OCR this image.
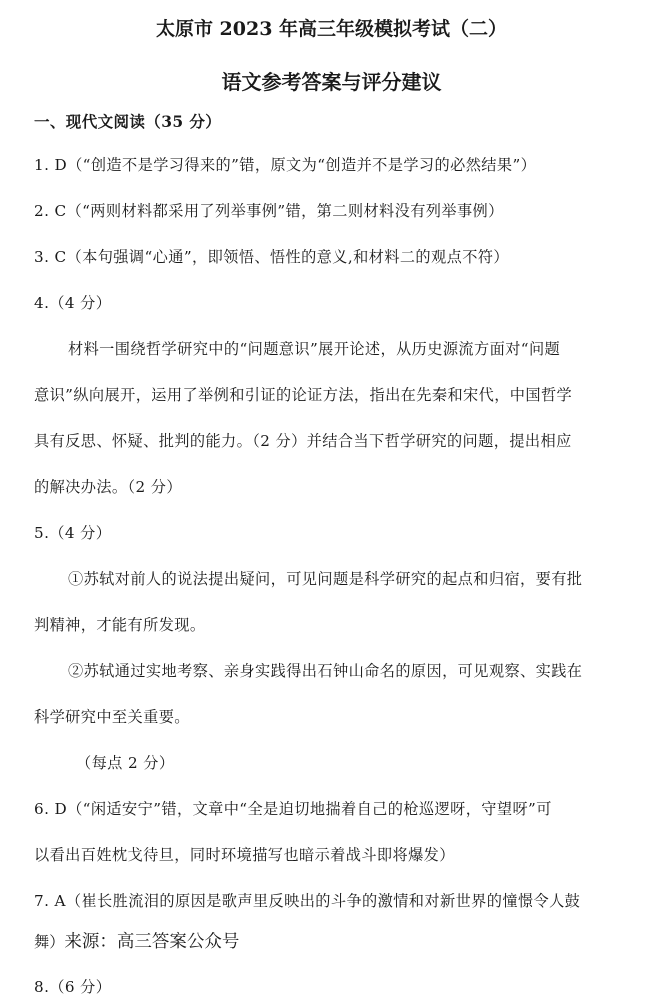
太原市 2023 年高三年级模拟考试（二）
语文参考答案与评分建议
一、现代文阅读（35 分）
1. D（“创造不是学习得来的”错，原文为“创造并不是学习的必然结果”）
2. C（“两则材料都采用了列举事例”错，第二则材料没有列举事例）
3. C（本句强调“心通”，即领悟、悟性的意义,和材料二的观点不符）
4.（4 分）
材料一围绕哲学研究中的“问题意识”展开论述，从历史源流方面对“问题
意识”纵向展开，运用了举例和引证的论证方法，指出在先秦和宋代，中国哲学
具有反思、怀疑、批判的能力。（2 分）并结合当下哲学研究的问题，提出相应
的解决办法。（2 分）
5.（4 分）
①苏轼对前人的说法提出疑问，可见问题是科学研究的起点和归宿，要有批
判精神，才能有所发现。
②苏轼通过实地考察、亲身实践得出石钟山命名的原因，可见观察、实践在
科学研究中至关重要。
（每点 2 分）
6. D（“闲适安宁”错，文章中“全是迫切地揣着自己的枪巡逻呀，守望呀”可
以看出百姓枕戈待旦，同时环境描写也暗示着战斗即将爆发）
7. A（崔长胜流泪的原因是歌声里反映出的斗争的激情和对新世界的憧憬令人鼓
舞）来源：高三答案公众号
8.（6 分）
